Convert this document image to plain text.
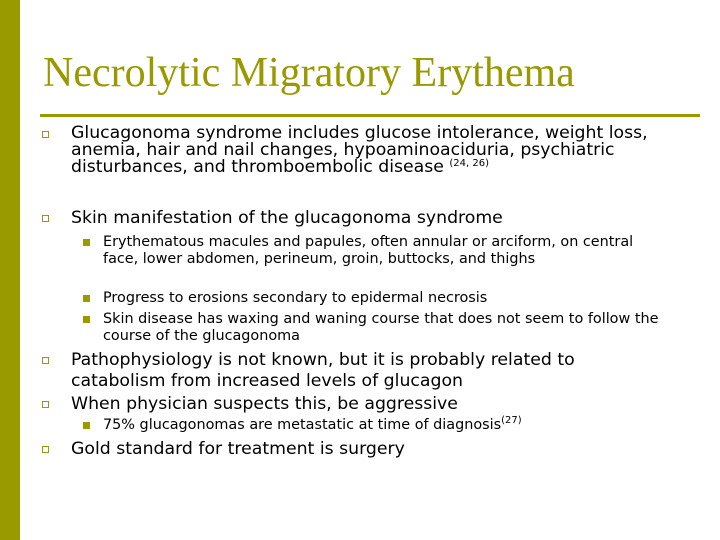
Necrolytic Migratory Erythema
Glucagonoma syndrome includes glucose intolerance, weight loss, anemia, hair and nail changes, hypoaminoaciduria, psychiatric disturbances, and thromboembolic disease $^{(24, 26)}$
Skin manifestation of the glucagonoma syndrome
Erythematous macules and papules, often annular or arciform, on central face, lower abdomen, perineum, groin, buttocks, and thighs
Progress to erosions secondary to epidermal necrosis
Skin disease has waxing and waning course that does not seem to follow the course of the glucagonoma
Pathophysiology is not known, but it is probably related to catabolism from increased levels of glucagon
When physician suspects this, be aggressive
75% glucagonomas are metastatic at time of diagnosis$^{(27)}$
Gold standard for treatment is surgery
